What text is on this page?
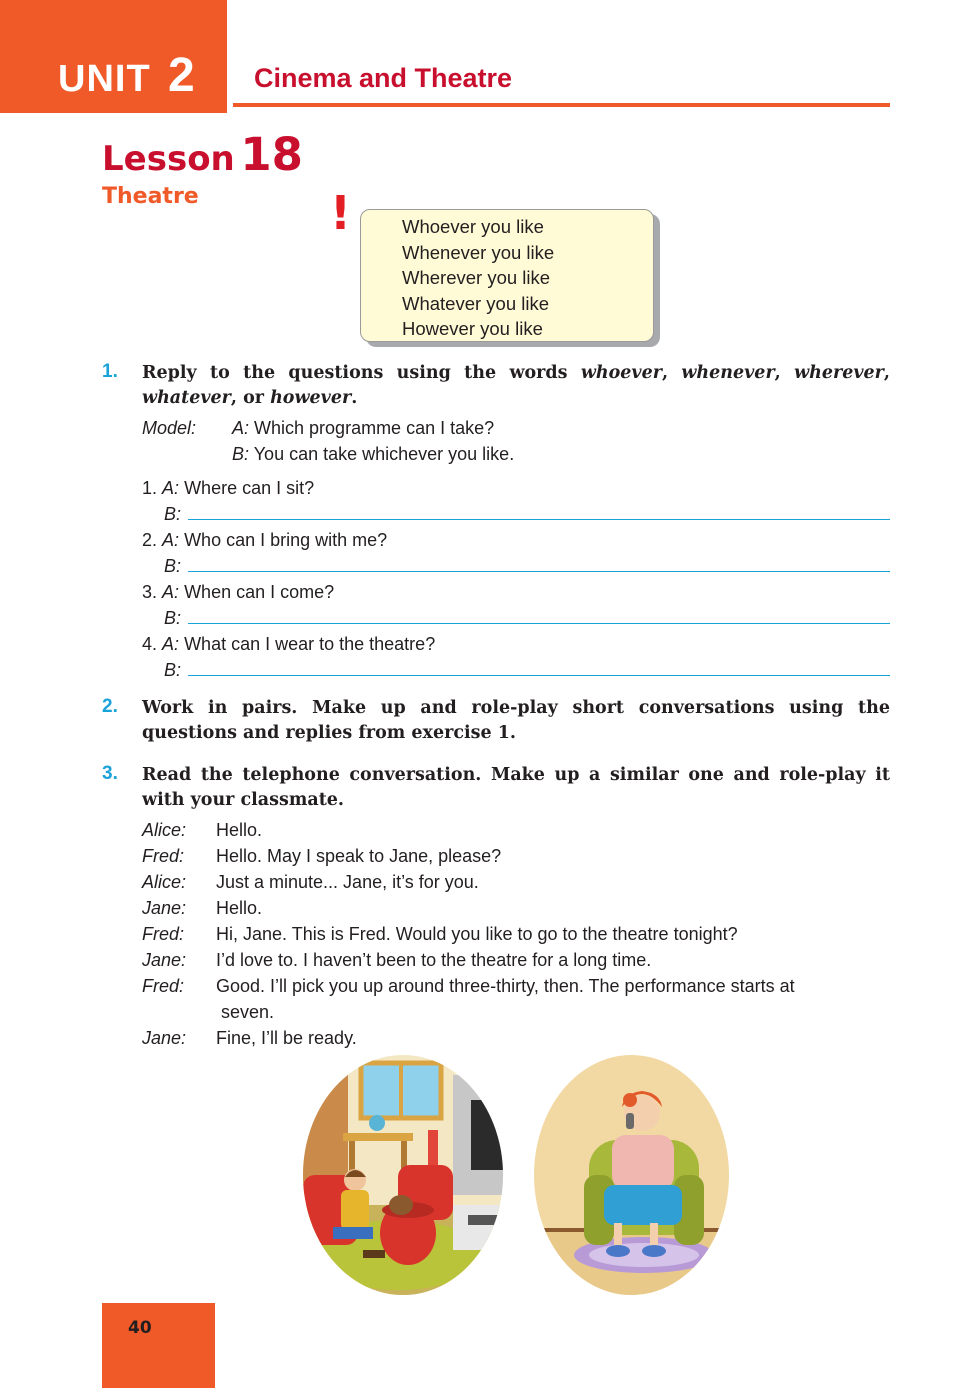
UNIT 2 Cinema and Theatre
Lesson 18
Theatre	!	Whoever you like
Whenever you like
Wherever you like
Whatever you like
However you like
1. Reply to the questions using the words whoever, whenever, wherever,
whatever, or however.
Model: A: Which programme can I take?
B: You can take whichever you like.
1. A: Where can I sit?
B:
2. A: Who can I bring with me?
B:
3. A: When can I come?
B:
4. A: What can I wear to the theatre?
B:
2. Work in pairs. Make up and role-play short conversations using the
questions and replies from exercise 1.
3. Read the telephone conversation. Make up a similar one and role-play it
with your classmate.
Alice: Hello.
Fred: Hello. May I speak to Jane, please?
Alice: Just a minute... Jane, it’s for you.
Jane: Hello.
Fred: Hi, Jane. This is Fred. Would you like to go to the theatre tonight?
Jane: I’d love to. I haven’t been to the theatre for a long time.
Fred: Good. I’ll pick you up around three-thirty, then. The performance starts at
seven.
Jane: Fine, I’ll be ready.
40
